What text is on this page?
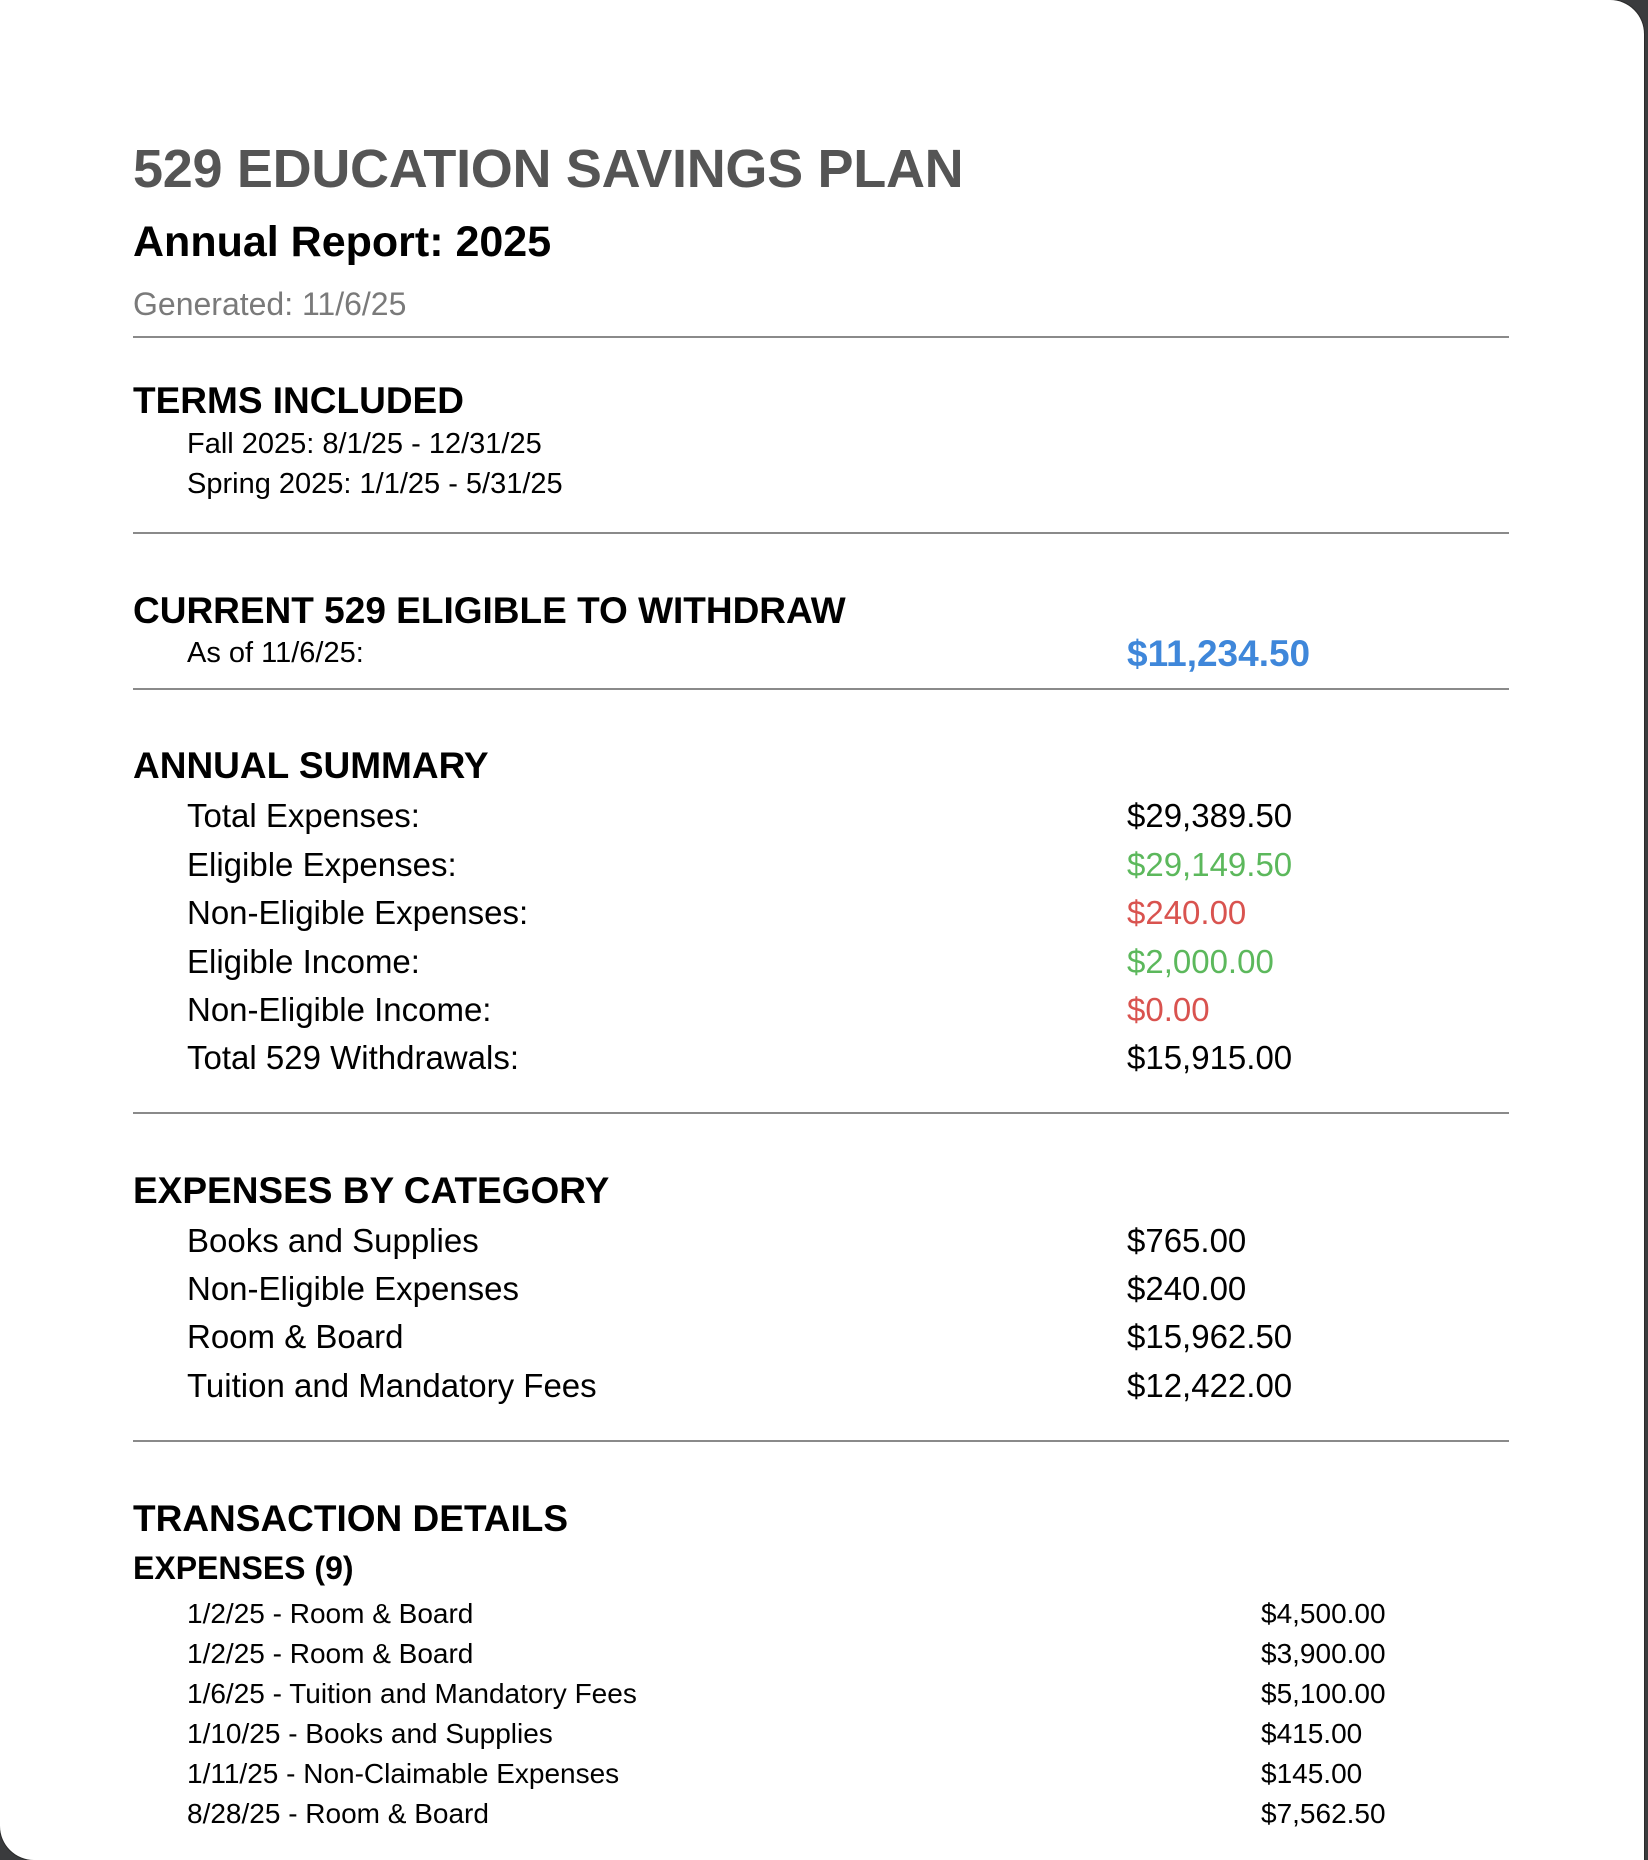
529 EDUCATION SAVINGS PLAN
Annual Report: 2025
Generated: 11/6/25
TERMS INCLUDED
Fall 2025: 8/1/25 - 12/31/25
Spring 2025: 1/1/25 - 5/31/25
CURRENT 529 ELIGIBLE TO WITHDRAW
As of 11/6/25:	$11,234.50
ANNUAL SUMMARY
Total Expenses:	$29,389.50
Eligible Expenses:	$29,149.50
Non-Eligible Expenses:	$240.00
Eligible Income:	$2,000.00
Non-Eligible Income:	$0.00
Total 529 Withdrawals:	$15,915.00
EXPENSES BY CATEGORY
Books and Supplies	$765.00
Non-Eligible Expenses	$240.00
Room & Board	$15,962.50
Tuition and Mandatory Fees	$12,422.00
TRANSACTION DETAILS
EXPENSES (9)
1/2/25 - Room & Board	$4,500.00
1/2/25 - Room & Board	$3,900.00
1/6/25 - Tuition and Mandatory Fees	$5,100.00
1/10/25 - Books and Supplies	$415.00
1/11/25 - Non-Claimable Expenses	$145.00
8/28/25 - Room & Board	$7,562.50
